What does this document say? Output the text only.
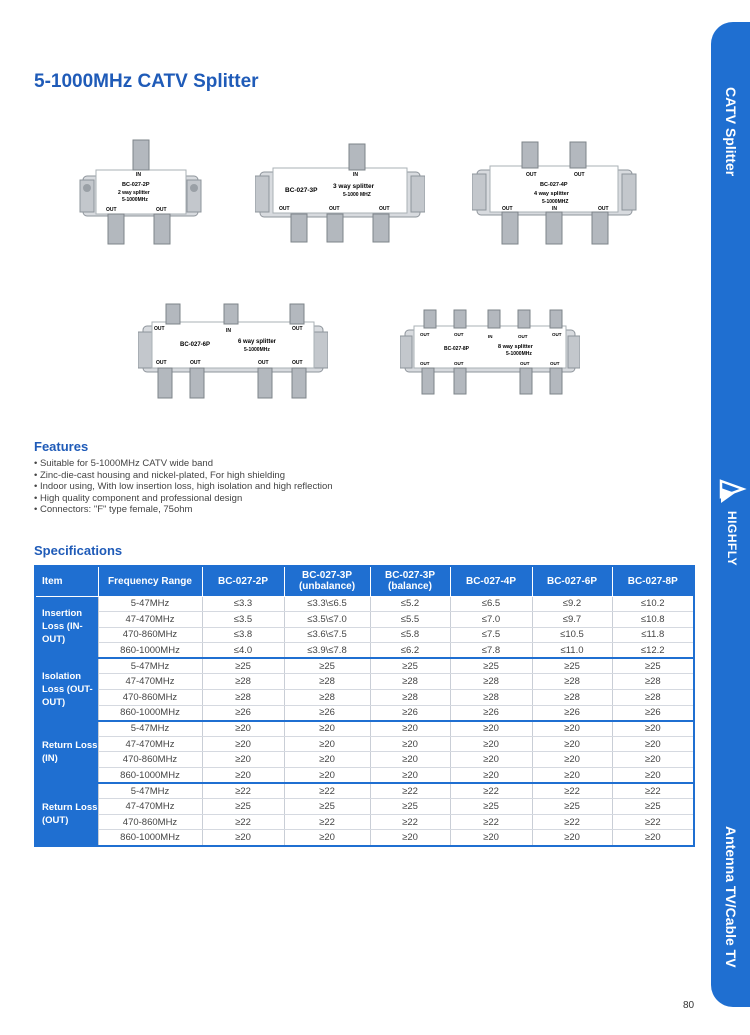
5-1000MHz CATV Splitter
IN
BC-027-2P
2 way splitter
5-1000MHz
OUT	OUT
IN
BC-027-3P
3 way splitter
5-1000 MHZ
OUT	OUT	OUT
OUT	OUT
BC-027-4P
4 way splitter
5-1000MHZ
OUT	IN	OUT
OUT	IN	OUT
BC-027-6P	6 way splitter
5-1000MHz
OUT	OUT	OUT	OUT
OUT	OUT	IN	OUT	OUT
BC-027-8P	8 way splitter
5-1000MHz
OUT	OUT	OUT	OUT
Features
• Suitable for 5-1000MHz CATV wide band
• Zinc-die-cast housing and nickel-plated, For high shielding
• Indoor using, With low insertion loss, high isolation and high reflection
• High quality component and professional design
• Connectors: "F" type female, 75ohm
Specifications
Item	Frequency Range	BC-027-2P	BC-027-3P (unbalance)	BC-027-3P (balance)	BC-027-4P	BC-027-6P	BC-027-8P
Insertion Loss (IN-OUT)	5-47MHz	≤3.3	≤3.3\≤6.5	≤5.2	≤6.5	≤9.2	≤10.2
	47-470MHz	≤3.5	≤3.5\≤7.0	≤5.5	≤7.0	≤9.7	≤10.8
	470-860MHz	≤3.8	≤3.6\≤7.5	≤5.8	≤7.5	≤10.5	≤11.8
	860-1000MHz	≤4.0	≤3.9\≤7.8	≤6.2	≤7.8	≤11.0	≤12.2
Isolation Loss (OUT-OUT)	5-47MHz	≥25	≥25	≥25	≥25	≥25	≥25
	47-470MHz	≥28	≥28	≥28	≥28	≥28	≥28
	470-860MHz	≥28	≥28	≥28	≥28	≥28	≥28
	860-1000MHz	≥26	≥26	≥26	≥26	≥26	≥26
Return Loss (IN)	5-47MHz	≥20	≥20	≥20	≥20	≥20	≥20
	47-470MHz	≥20	≥20	≥20	≥20	≥20	≥20
	470-860MHz	≥20	≥20	≥20	≥20	≥20	≥20
	860-1000MHz	≥20	≥20	≥20	≥20	≥20	≥20
Return Loss (OUT)	5-47MHz	≥22	≥22	≥22	≥22	≥22	≥22
	47-470MHz	≥25	≥25	≥25	≥25	≥25	≥25
	470-860MHz	≥22	≥22	≥22	≥22	≥22	≥22
	860-1000MHz	≥20	≥20	≥20	≥20	≥20	≥20
CATV Splitter
HIGHFLY
Antenna TV/Cable TV
80
